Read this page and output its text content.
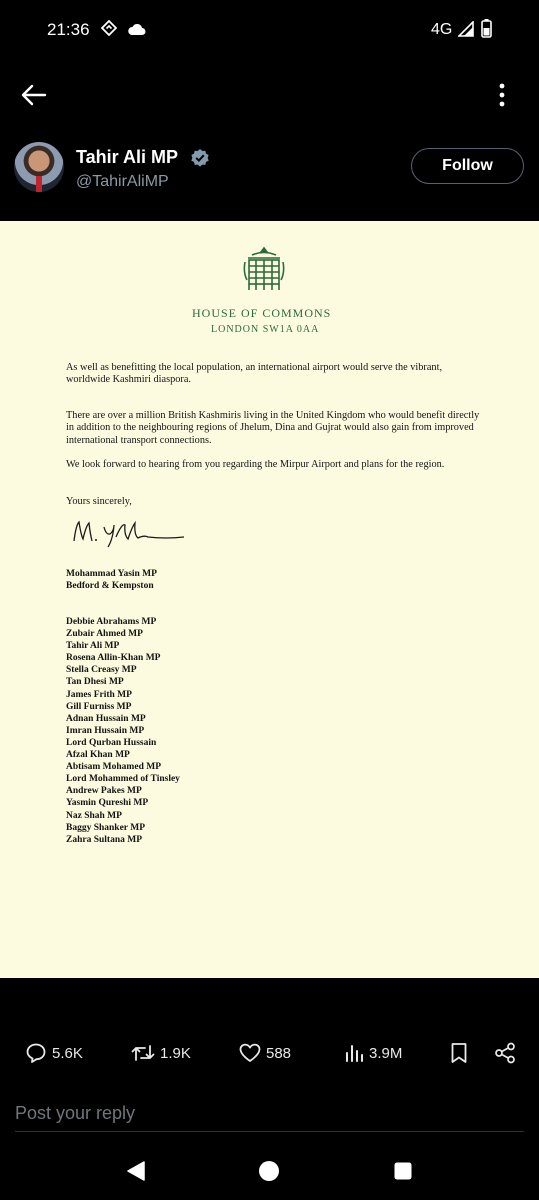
21:36	4G
Tahir Ali MP
@TahirAliMP
Follow
HOUSE OF COMMONS
LONDON SW1A 0AA
As well as benefitting the local population, an international airport would serve the vibrant, worldwide Kashmiri diaspora.
There are over a million British Kashmiris living in the United Kingdom who would benefit directly in addition to the neighbouring regions of Jhelum, Dina and Gujrat would also gain from improved international transport connections.
We look forward to hearing from you regarding the Mirpur Airport and plans for the region.
Yours sincerely,
Mohammad Yasin MP
Bedford & Kempston
Debbie Abrahams MP
Zubair Ahmed MP
Tahir Ali MP
Rosena Allin-Khan MP
Stella Creasy MP
Tan Dhesi MP
James Frith MP
Gill Furniss MP
Adnan Hussain MP
Imran Hussain MP
Lord Qurban Hussain
Afzal Khan MP
Abtisam Mohamed MP
Lord Mohammed of Tinsley
Andrew Pakes MP
Yasmin Qureshi MP
Naz Shah MP
Baggy Shanker MP
Zahra Sultana MP
5.6K	1.9K	588	3.9M
Post your reply
